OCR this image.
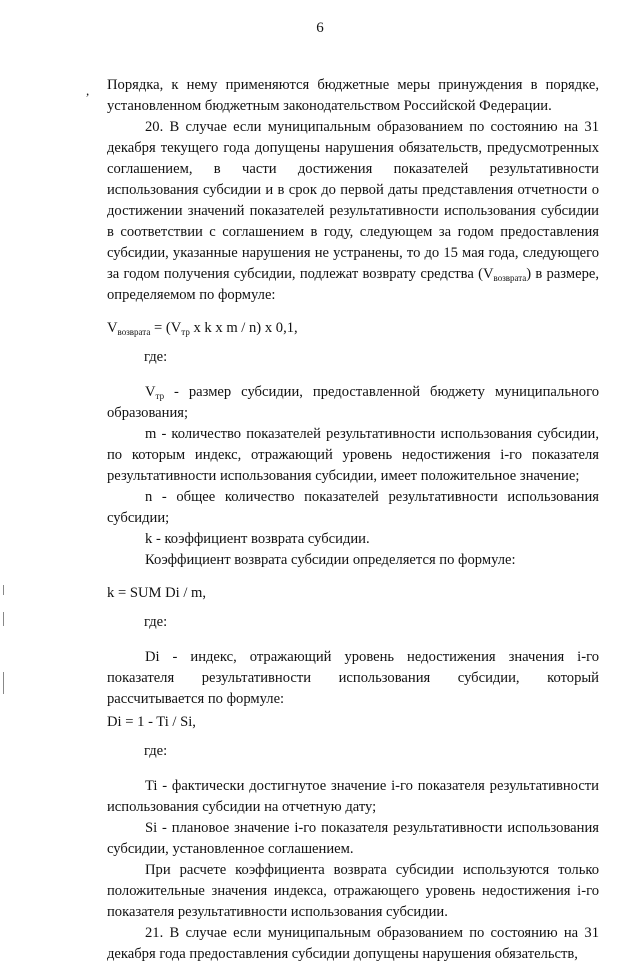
6
, Порядка, к нему применяются бюджетные меры принуждения в порядке, установленном бюджетным законодательством Российской Федерации.

20. В случае если муниципальным образованием по состоянию на 31 декабря текущего года допущены нарушения обязательств, предусмотренных соглашением, в части достижения показателей результативности использования субсидии и в срок до первой даты представления отчетности о достижении значений показателей результативности использования субсидии в соответствии с соглашением в году, следующем за годом предоставления субсидии, указанные нарушения не устранены, то до 15 мая года, следующего за годом получения субсидии, подлежат возврату средства $(V_{возврата})$ в размере, определяемом по формуле:

$V_{возврата} = (V_{тр}$ x k x m / n) x 0,1,

где:

$V_{тр}$ - размер субсидии, предоставленной бюджету муниципального образования;

m - количество показателей результативности использования субсидии, по которым индекс, отражающий уровень недостижения i-го показателя результативности использования субсидии, имеет положительное значение;

n - общее количество показателей результативности использования субсидии;

k - коэффициент возврата субсидии.

Коэффициент возврата субсидии определяется по формуле:

k = SUM Di / m,

где:

Di - индекс, отражающий уровень недостижения значения i-го показателя результативности использования субсидии, который рассчитывается по формуле:

Di = 1 - Ti / Si,

где:

Ti - фактически достигнутое значение i-го показателя результативности использования субсидии на отчетную дату;

Si - плановое значение i-го показателя результативности использования субсидии, установленное соглашением.

При расчете коэффициента возврата субсидии используются только положительные значения индекса, отражающего уровень недостижения i-го показателя результативности использования субсидии.

21. В случае если муниципальным образованием по состоянию на 31 декабря года предоставления субсидии допущены нарушения обязательств,
